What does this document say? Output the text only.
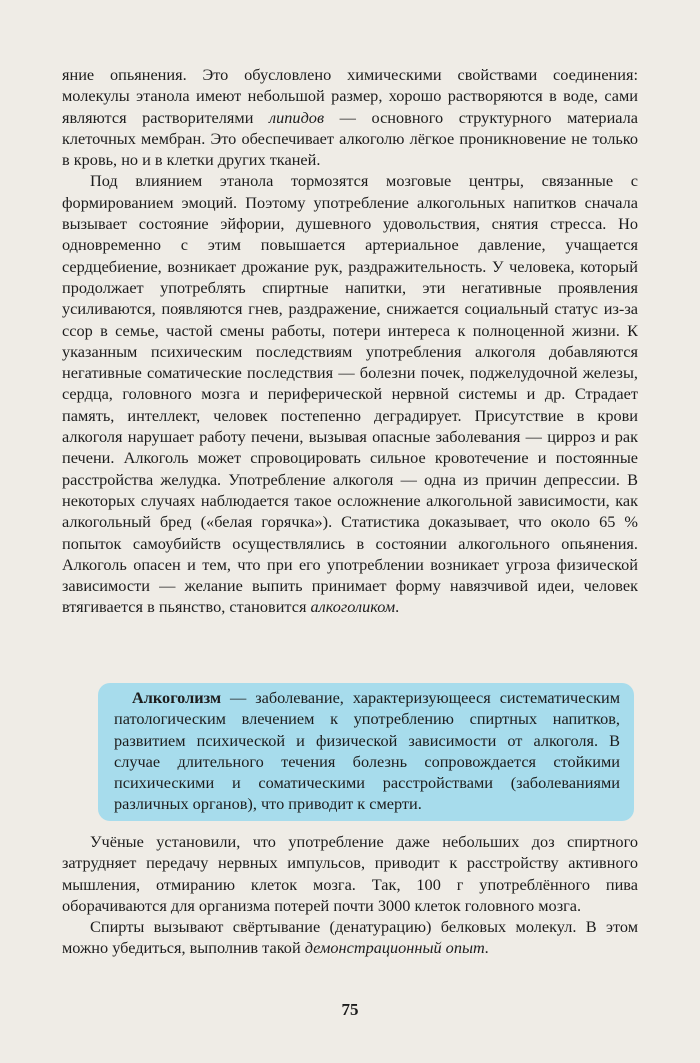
яние опьянения. Это обусловлено химическими свойствами соединения: молекулы этанола имеют небольшой размер, хорошо растворяются в воде, сами являются растворителями липидов — основного структурного материала клеточных мембран. Это обеспечивает алкоголю лёгкое проникновение не только в кровь, но и в клетки других тканей.

Под влиянием этанола тормозятся мозговые центры, связанные с формированием эмоций. Поэтому употребление алкогольных напитков сначала вызывает состояние эйфории, душевного удовольствия, снятия стресса. Но одновременно с этим повышается артериальное давление, учащается сердцебиение, возникает дрожание рук, раздражительность. У человека, который продолжает употреблять спиртные напитки, эти негативные проявления усиливаются, появляются гнев, раздражение, снижается социальный статус из-за ссор в семье, частой смены работы, потери интереса к полноценной жизни. К указанным психическим последствиям употребления алкоголя добавляются негативные соматические последствия — болезни почек, поджелудочной железы, сердца, головного мозга и периферической нервной системы и др. Страдает память, интеллект, человек постепенно деградирует. Присутствие в крови алкоголя нарушает работу печени, вызывая опасные заболевания — цирроз и рак печени. Алкоголь может спровоцировать сильное кровотечение и постоянные расстройства желудка. Употребление алкоголя — одна из причин депрессии. В некоторых случаях наблюдается такое осложнение алкогольной зависимости, как алкогольный бред («белая горячка»). Статистика доказывает, что около 65 % попыток самоубийств осуществлялись в состоянии алкогольного опьянения. Алкоголь опасен и тем, что при его употреблении возникает угроза физической зависимости — желание выпить принимает форму навязчивой идеи, человек втягивается в пьянство, становится алкоголиком.

Алкоголизм — заболевание, характеризующееся систематическим патологическим влечением к употреблению спиртных напитков, развитием психической и физической зависимости от алкоголя. В случае длительного течения болезнь сопровождается стойкими психическими и соматическими расстройствами (заболеваниями различных органов), что приводит к смерти.

Учёные установили, что употребление даже небольших доз спиртного затрудняет передачу нервных импульсов, приводит к расстройству активного мышления, отмиранию клеток мозга. Так, 100 г употреблённого пива оборачиваются для организма потерей почти 3000 клеток головного мозга.

Спирты вызывают свёртывание (денатурацию) белковых молекул. В этом можно убедиться, выполнив такой демонстрационный опыт.

75
